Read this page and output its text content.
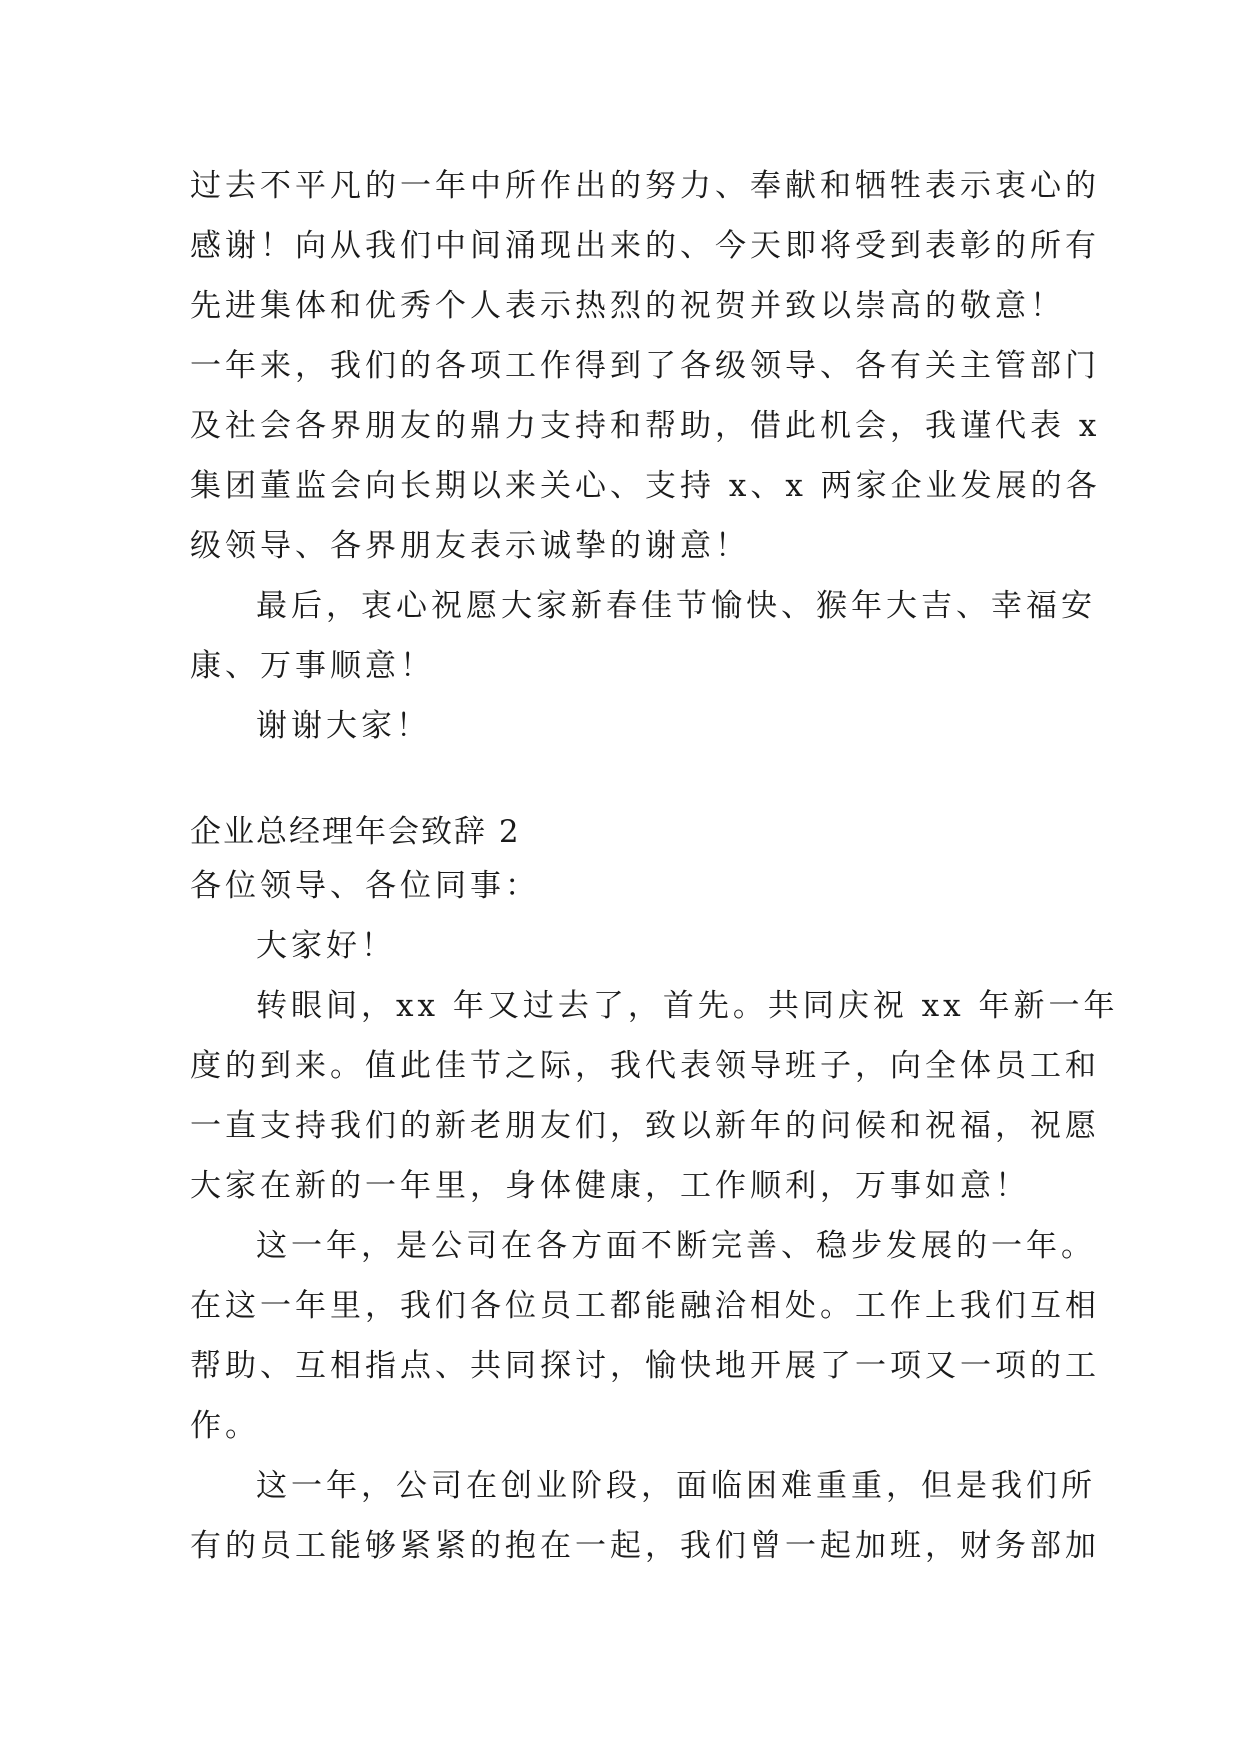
过去不平凡的一年中所作出的努力、奉献和牺牲表示衷心的
感谢！向从我们中间涌现出来的、今天即将受到表彰的所有
先进集体和优秀个人表示热烈的祝贺并致以崇高的敬意！
一年来，我们的各项工作得到了各级领导、各有关主管部门
及社会各界朋友的鼎力支持和帮助，借此机会，我谨代表 x
集团董监会向长期以来关心、支持 x、x 两家企业发展的各
级领导、各界朋友表示诚挚的谢意！
最后，衷心祝愿大家新春佳节愉快、猴年大吉、幸福安
康、万事顺意！
谢谢大家！
企业总经理年会致辞 2
各位领导、各位同事：
大家好！
转眼间，xx 年又过去了，首先。共同庆祝 xx 年新一年
度的到来。值此佳节之际，我代表领导班子，向全体员工和
一直支持我们的新老朋友们，致以新年的问候和祝福，祝愿
大家在新的一年里，身体健康，工作顺利，万事如意！
这一年，是公司在各方面不断完善、稳步发展的一年。
在这一年里，我们各位员工都能融洽相处。工作上我们互相
帮助、互相指点、共同探讨，愉快地开展了一项又一项的工
作。
这一年，公司在创业阶段，面临困难重重，但是我们所
有的员工能够紧紧的抱在一起，我们曾一起加班，财务部加
